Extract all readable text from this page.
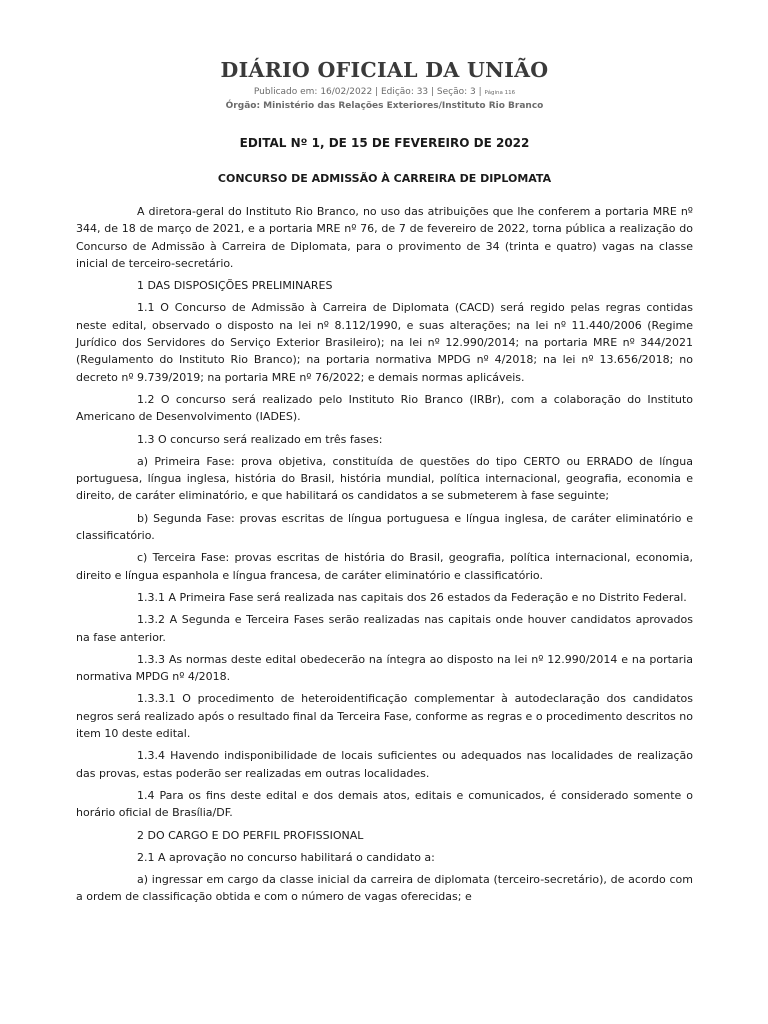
DIÁRIO OFICIAL DA UNIÃO
Publicado em: 16/02/2022 | Edição: 33 | Seção: 3 | Página 116
Órgão: Ministério das Relações Exteriores/Instituto Rio Branco
EDITAL Nº 1, DE 15 DE FEVEREIRO DE 2022
CONCURSO DE ADMISSÃO À CARREIRA DE DIPLOMATA

A diretora-geral do Instituto Rio Branco, no uso das atribuições que lhe conferem a portaria MRE nº 344, de 18 de março de 2021, e a portaria MRE nº 76, de 7 de fevereiro de 2022, torna pública a realização do Concurso de Admissão à Carreira de Diplomata, para o provimento de 34 (trinta e quatro) vagas na classe inicial de terceiro-secretário.

1 DAS DISPOSIÇÕES PRELIMINARES

1.1 O Concurso de Admissão à Carreira de Diplomata (CACD) será regido pelas regras contidas neste edital, observado o disposto na lei nº 8.112/1990, e suas alterações; na lei nº 11.440/2006 (Regime Jurídico dos Servidores do Serviço Exterior Brasileiro); na lei nº 12.990/2014; na portaria MRE nº 344/2021 (Regulamento do Instituto Rio Branco); na portaria normativa MPDG nº 4/2018; na lei nº 13.656/2018; no decreto nº 9.739/2019; na portaria MRE nº 76/2022; e demais normas aplicáveis.

1.2 O concurso será realizado pelo Instituto Rio Branco (IRBr), com a colaboração do Instituto Americano de Desenvolvimento (IADES).

1.3 O concurso será realizado em três fases:

a) Primeira Fase: prova objetiva, constituída de questões do tipo CERTO ou ERRADO de língua portuguesa, língua inglesa, história do Brasil, história mundial, política internacional, geografia, economia e direito, de caráter eliminatório, e que habilitará os candidatos a se submeterem à fase seguinte;

b) Segunda Fase: provas escritas de língua portuguesa e língua inglesa, de caráter eliminatório e classificatório.

c) Terceira Fase: provas escritas de história do Brasil, geografia, política internacional, economia, direito e língua espanhola e língua francesa, de caráter eliminatório e classificatório.

1.3.1 A Primeira Fase será realizada nas capitais dos 26 estados da Federação e no Distrito Federal.

1.3.2 A Segunda e Terceira Fases serão realizadas nas capitais onde houver candidatos aprovados na fase anterior.

1.3.3 As normas deste edital obedecerão na íntegra ao disposto na lei nº 12.990/2014 e na portaria normativa MPDG nº 4/2018.

1.3.3.1 O procedimento de heteroidentificação complementar à autodeclaração dos candidatos negros será realizado após o resultado final da Terceira Fase, conforme as regras e o procedimento descritos no item 10 deste edital.

1.3.4 Havendo indisponibilidade de locais suficientes ou adequados nas localidades de realização das provas, estas poderão ser realizadas em outras localidades.

1.4 Para os fins deste edital e dos demais atos, editais e comunicados, é considerado somente o horário oficial de Brasília/DF.

2 DO CARGO E DO PERFIL PROFISSIONAL

2.1 A aprovação no concurso habilitará o candidato a:

a) ingressar em cargo da classe inicial da carreira de diplomata (terceiro-secretário), de acordo com a ordem de classificação obtida e com o número de vagas oferecidas; e
